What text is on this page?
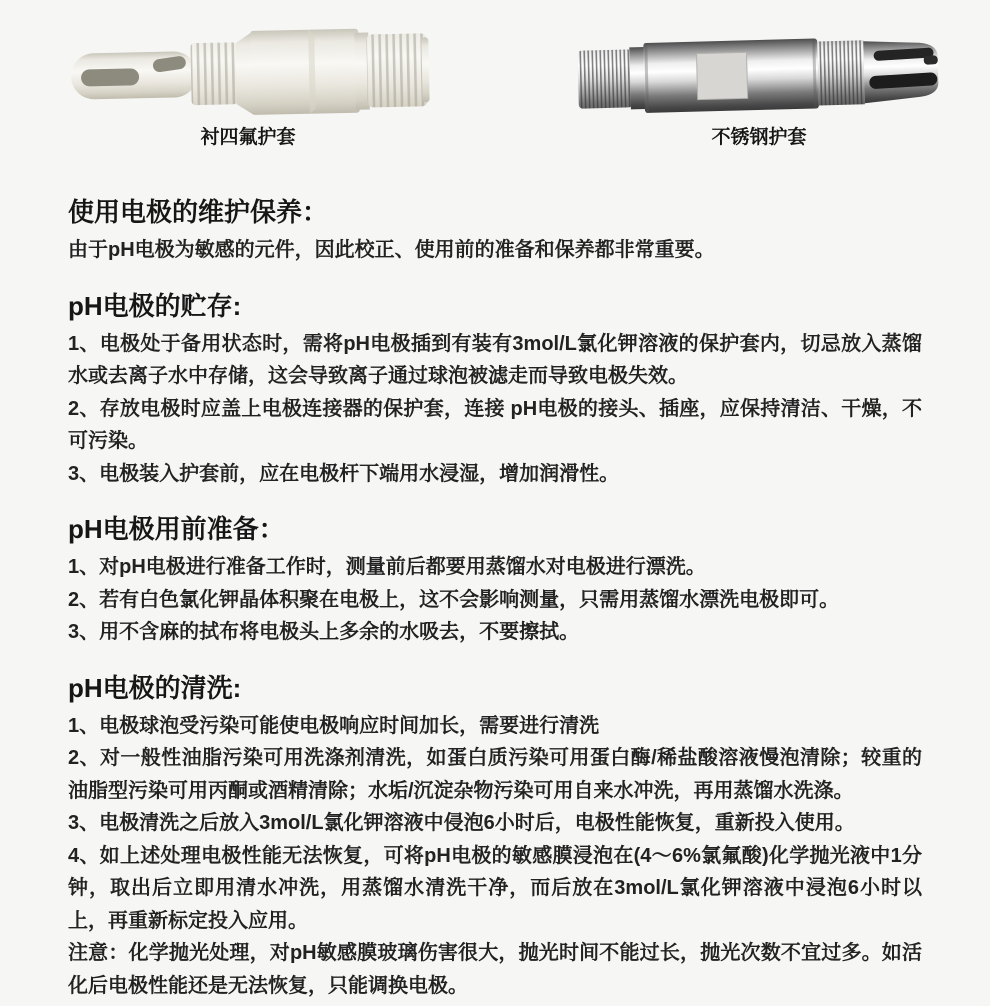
衬四氟护套	不锈钢护套
使用电极的维护保养：

由于pH电极为敏感的元件，因此校正、使用前的准备和保养都非常重要。

pH电极的贮存:

1、电极处于备用状态时，需将pH电极插到有装有3mol/L氯化钾溶液的保护套内，切忌放入蒸馏水或去离子水中存储，这会导致离子通过球泡被滤走而导致电极失效。

2、存放电极时应盖上电极连接器的保护套，连接 pH电极的接头、插座，应保持清洁、干燥，不可污染。

3、电极装入护套前，应在电极杆下端用水浸湿，增加润滑性。

pH电极用前准备：

1、对pH电极进行准备工作时，测量前后都要用蒸馏水对电极进行漂洗。

2、若有白色氯化钾晶体积聚在电极上，这不会影响测量，只需用蒸馏水漂洗电极即可。

3、用不含麻的拭布将电极头上多余的水吸去，不要擦拭。

pH电极的清洗:

1、电极球泡受污染可能使电极响应时间加长，需要进行清洗

2、对一般性油脂污染可用洗涤剂清洗，如蛋白质污染可用蛋白酶/稀盐酸溶液慢泡清除；较重的油脂型污染可用丙酮或酒精清除；水垢/沉淀杂物污染可用自来水冲洗，再用蒸馏水洗涤。

3、电极清洗之后放入3mol/L氯化钾溶液中侵泡6小时后，电极性能恢复，重新投入使用。

4、如上述处理电极性能无法恢复，可将pH电极的敏感膜浸泡在(4～6%氯氟酸)化学抛光液中1分钟，取出后立即用清水冲洗，用蒸馏水清洗干净，而后放在3mol/L氯化钾溶液中浸泡6小时以上，再重新标定投入应用。

注意：化学抛光处理，对pH敏感膜玻璃伤害很大，抛光时间不能过长，抛光次数不宜过多。如活化后电极性能还是无法恢复，只能调换电极。
